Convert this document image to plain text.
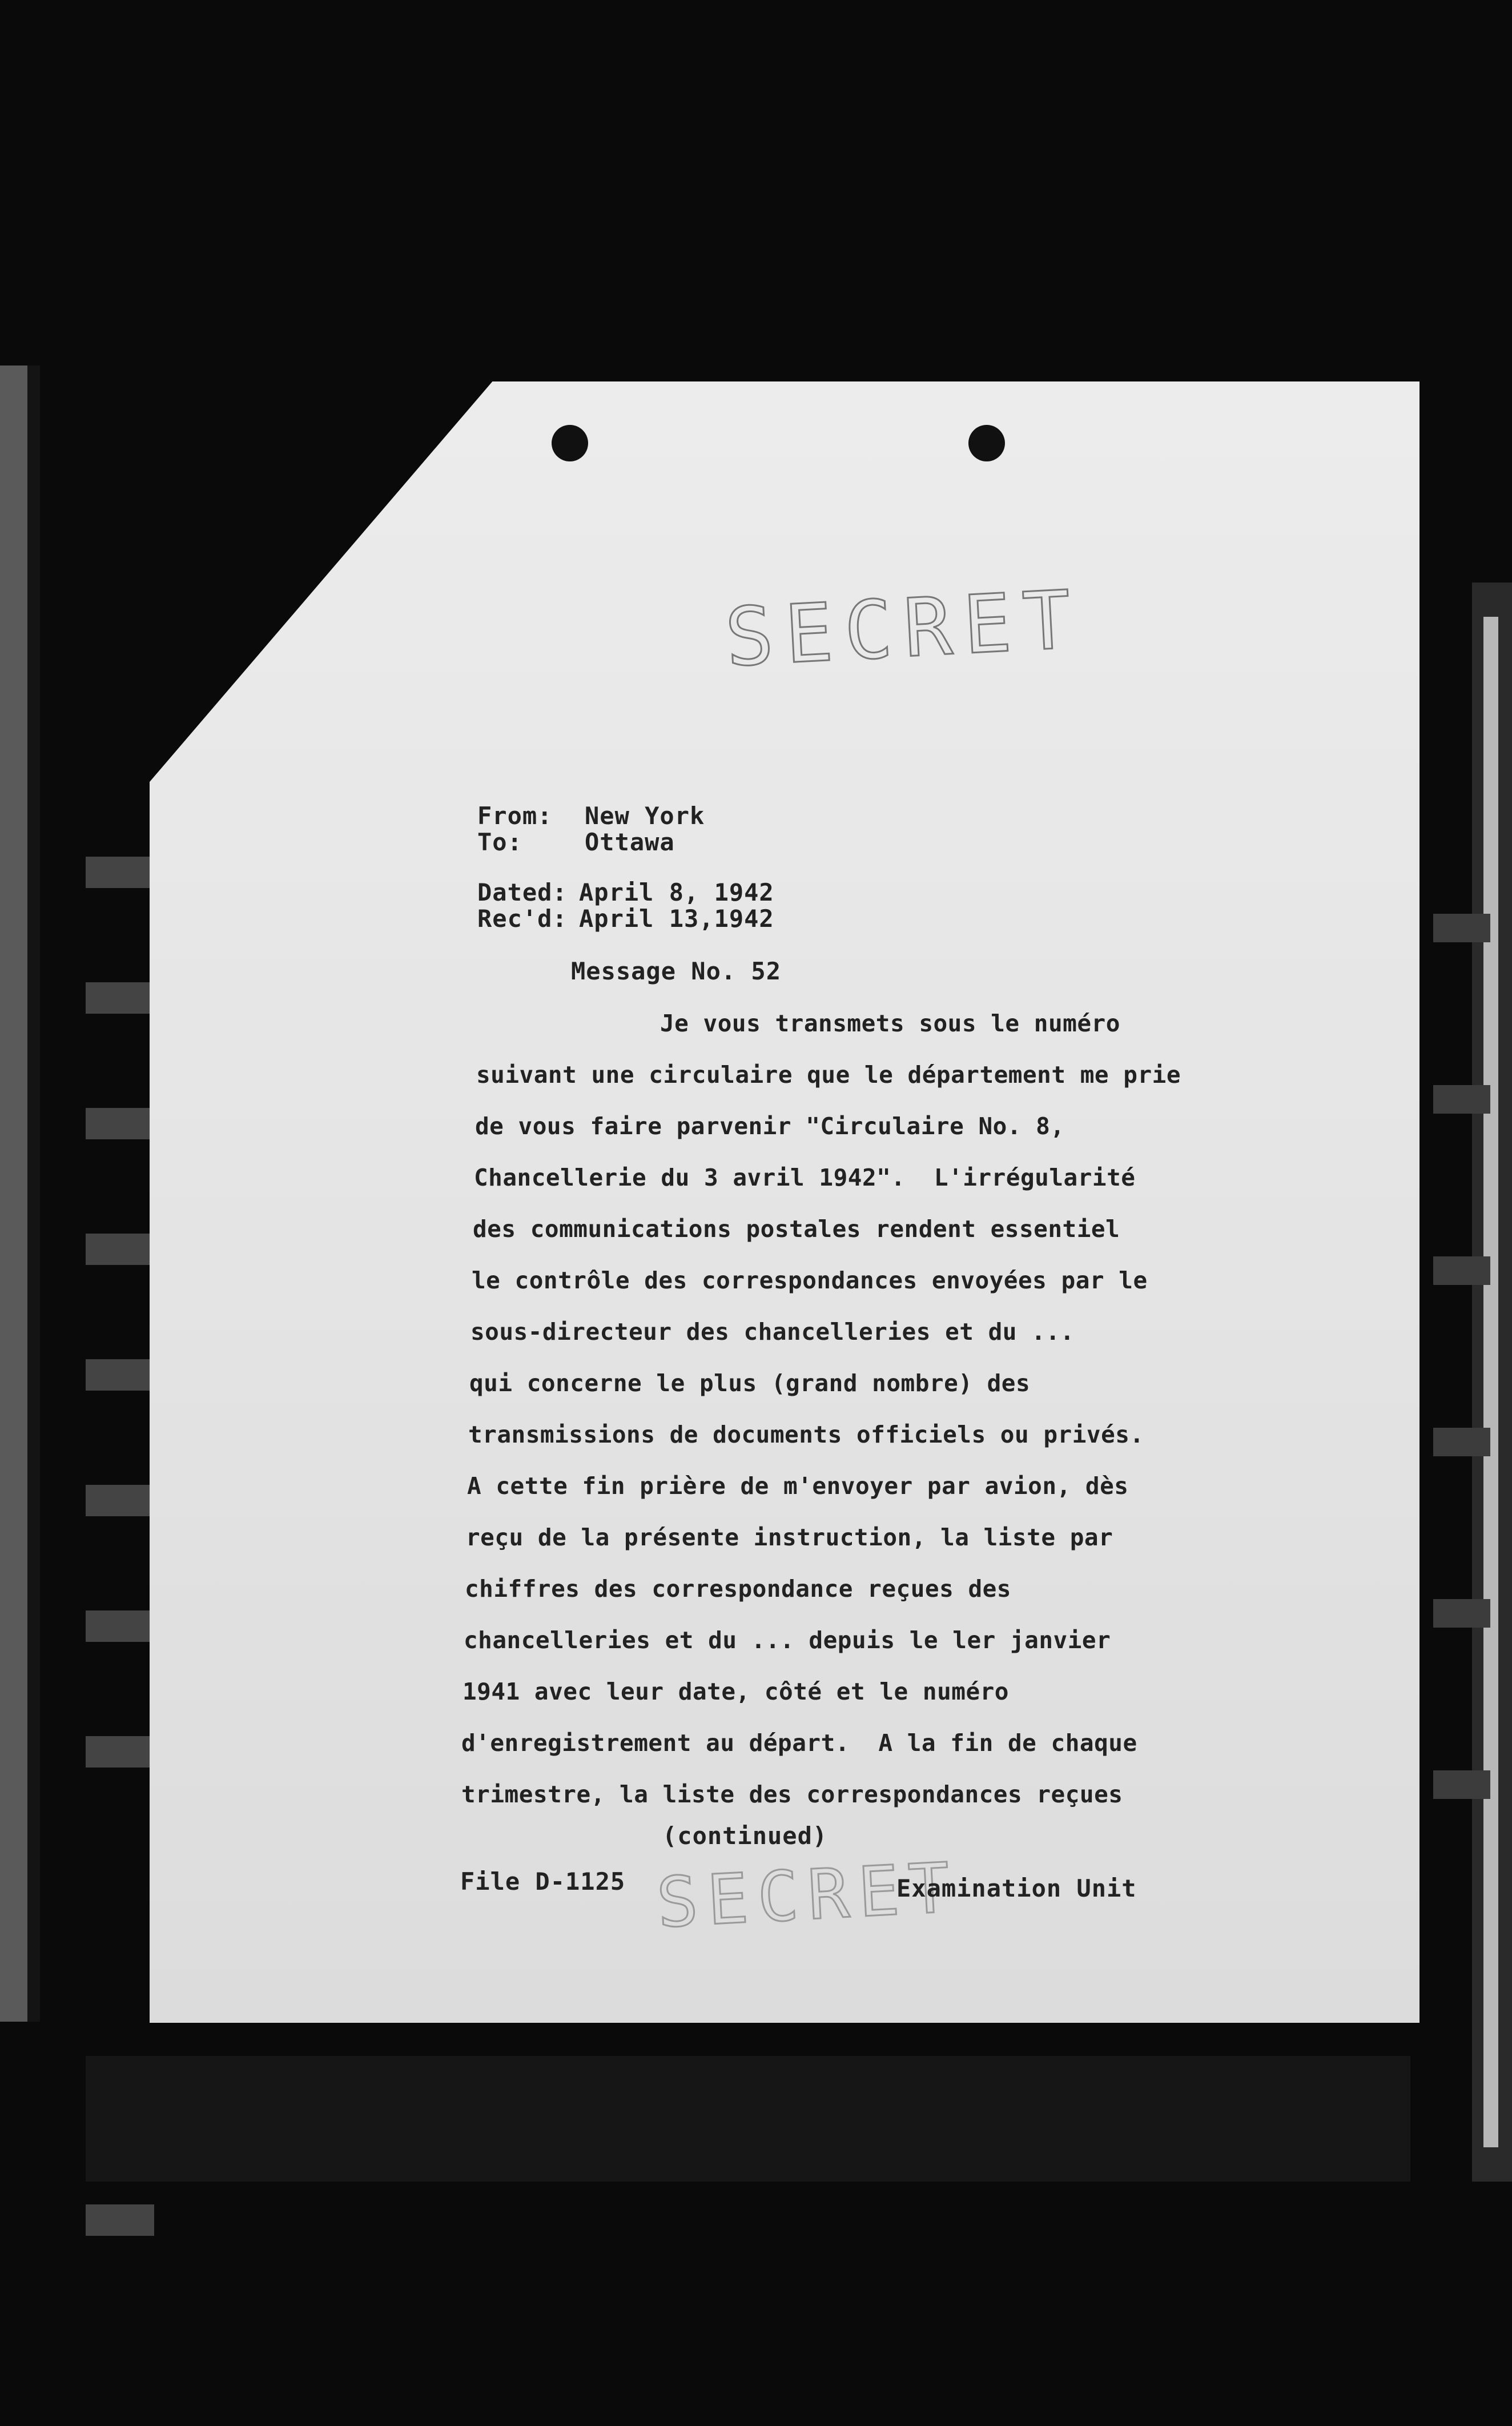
SECRET
From: New York
To:	Ottawa
Dated: April 8, 1942
Rec'd: April 13,1942
Message No. 52
Je vous transmets sous le numéro
suivant une circulaire que le département me prie
de vous faire parvenir "Circulaire No. 8,
Chancellerie du 3 avril 1942".  L'irrégularité
des communications postales rendent essentiel
le contrôle des correspondances envoyées par le
sous-directeur des chancelleries et du ...
qui concerne le plus (grand nombre) des
transmissions de documents officiels ou privés.
A cette fin prière de m'envoyer par avion, dès
reçu de la présente instruction, la liste par
chiffres des correspondance reçues des
chancelleries et du ... depuis le ler janvier
1941 avec leur date, côté et le numéro
d'enregistrement au départ.  A la fin de chaque
trimestre, la liste des correspondances reçues
(continued)
File D-1125 SECRET
Examination Unit
